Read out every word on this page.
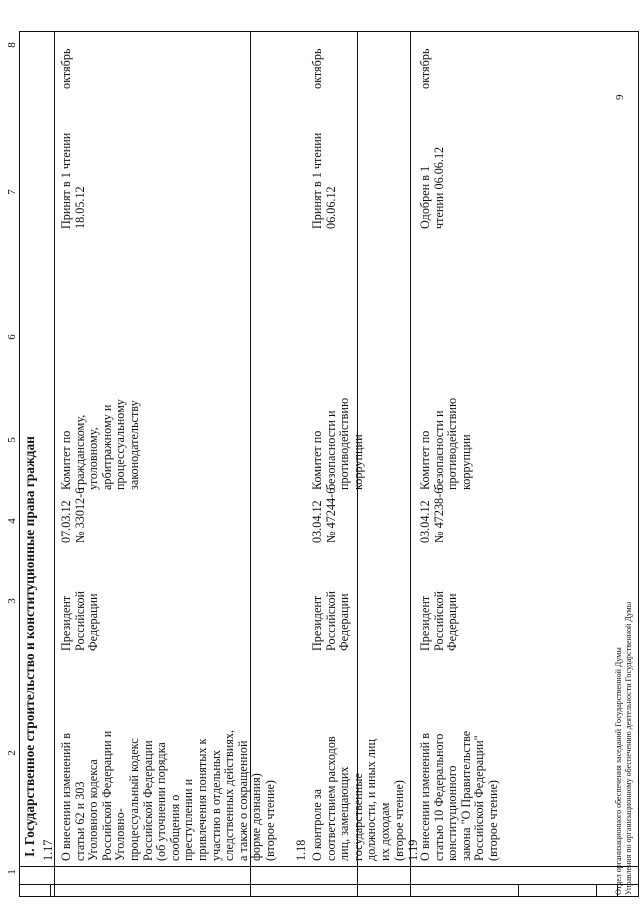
1
2
3
4
5
6
7
8
I. Государственное строительство и конституционные права граждан 1.17 О внесении изменений в
статьи 62 и 303
Уголовного кодекса
Российской Федерации и
Уголовно-
процессуальный кодекс
Российской Федерации
(об уточнении порядка
сообщения о
преступлении и
привлечения понятых к
участию в отдельных
следственных действиях,
а также о сокращенной
форме дознания)
(второе чтение)
Президент Российской
Федерации
07.03.12
№ 33012-6
Комитет по
гражданскому,
уголовному,
арбитражному и
процессуальному
законодательству
Принят в 1 чтении
18.05.12
октябрь
1.18 О контроле за
соответствием расходов
лиц, замещающих
государственные
должности, и иных лиц
их доходам
(второе чтение)
Президент Российской
Федерации
03.04.12
№ 47244-6
Комитет по
безопасности и
противодействию
коррупции
Принят в 1 чтении
06.06.12
октябрь
1.19
О внесении изменений в
статью 10 Федерального
конституционного
закона "О Правительстве
Российской Федерации"
(второе чтение)
Президент Российской
Федерации
03.04.12
№ 47238-6
Комитет по
безопасности и
противодействию
коррупции
Одобрен в 1
чтении 06.06.12
октябрь
Отдел организационного обеспечения заседаний Государственной Думы Управления по организационному обеспечению деятельности Государственной Думы
9
